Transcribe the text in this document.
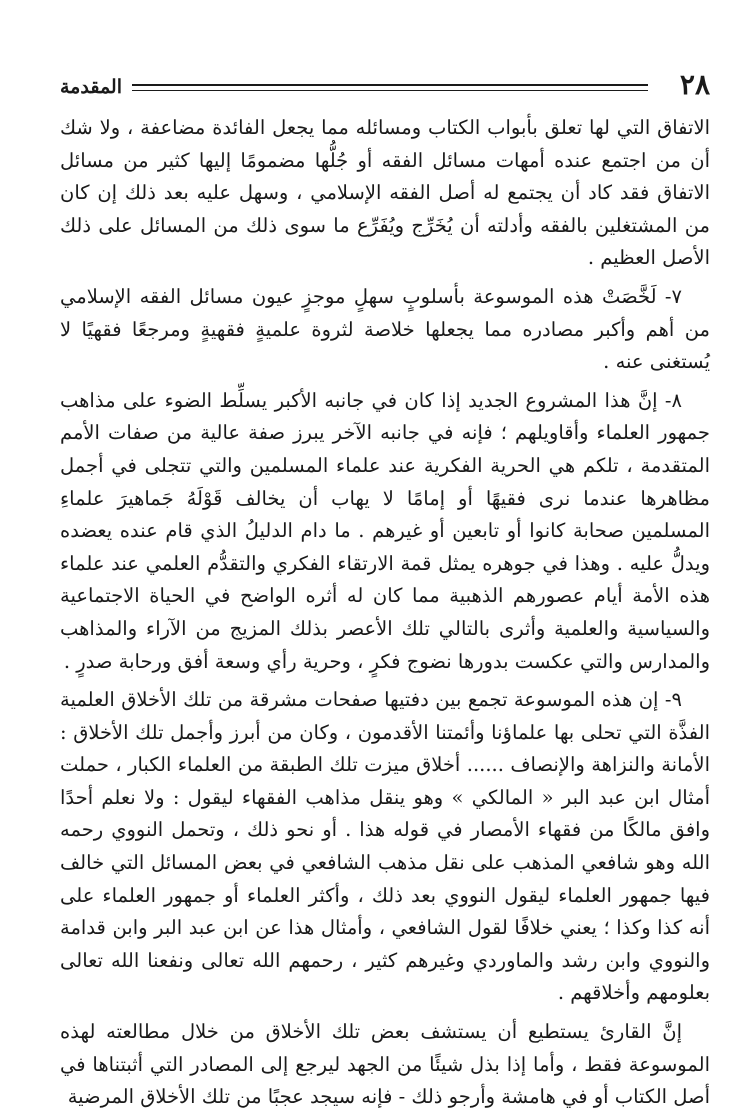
٢٨
المقدمة

الاتفاق التي لها تعلق بأبواب الكتاب ومسائله مما يجعل الفائدة مضاعفة ، ولا شك أن من اجتمع عنده أمهات مسائل الفقه أو جُلُّها مضمومًا إليها كثير من مسائل الاتفاق فقد كاد أن يجتمع له أصل الفقه الإسلامي ، وسهل عليه بعد ذلك إن كان من المشتغلين بالفقه وأدلته أن يُخَرِّج ويُفَرِّع ما سوى ذلك من المسائل على ذلك الأصل العظيم .

٧- لَخَّصَتْ هذه الموسوعة بأسلوبٍ سهلٍ موجزٍ عيون مسائل الفقه الإسلامي من أهم وأكبر مصادره مما يجعلها خلاصة لثروة علميةٍ فقهيةٍ ومرجعًا فقهيًا لا يُستغنى عنه .

٨- إنَّ هذا المشروع الجديد إذا كان في جانبه الأكبر يسلِّط الضوء على مذاهب جمهور العلماء وأقاويلهم ؛ فإنه في جانبه الآخر يبرز صفة عالية من صفات الأمم المتقدمة ، تلكم هي الحرية الفكرية عند علماء المسلمين والتي تتجلى في أجمل مظاهرها عندما نرى فقيهًا أو إمامًا لا يهاب أن يخالف قَوْلَهُ جَماهيرَ علماءِ المسلمين صحابة كانوا أو تابعين أو غيرهم . ما دام الدليلُ الذي قام عنده يعضده ويدلُّ عليه . وهذا في جوهره يمثل قمة الارتقاء الفكري والتقدُّم العلمي عند علماء هذه الأمة أيام عصورهم الذهبية مما كان له أثره الواضح في الحياة الاجتماعية والسياسية والعلمية وأثرى بالتالي تلك الأعصر بذلك المزيج من الآراء والمذاهب والمدارس والتي عكست بدورها نضوج فكرٍ ، وحرية رأي وسعة أفق ورحابة صدرٍ .

٩- إن هذه الموسوعة تجمع بين دفتيها صفحات مشرقة من تلك الأخلاق العلمية الفذَّة التي تحلى بها علماؤنا وأئمتنا الأقدمون ، وكان من أبرز وأجمل تلك الأخلاق : الأمانة والنزاهة والإنصاف ...... أخلاق ميزت تلك الطبقة من العلماء الكبار ، حملت أمثال ابن عبد البر « المالكي » وهو ينقل مذاهب الفقهاء ليقول : ولا نعلم أحدًا وافق مالكًا من فقهاء الأمصار في قوله هذا . أو نحو ذلك ، وتحمل النووي رحمه الله وهو شافعي المذهب على نقل مذهب الشافعي في بعض المسائل التي خالف فيها جمهور العلماء ليقول النووي بعد ذلك ، وأكثر العلماء أو جمهور العلماء على أنه كذا وكذا ؛ يعني خلافًا لقول الشافعي ، وأمثال هذا عن ابن عبد البر وابن قدامة والنووي وابن رشد والماوردي وغيرهم كثير ، رحمهم الله تعالى ونفعنا الله تعالى بعلومهم وأخلاقهم .

إنَّ القارئ يستطيع أن يستشف بعض تلك الأخلاق من خلال مطالعته لهذه الموسوعة فقط ، وأما إذا بذل شيئًا من الجهد ليرجع إلى المصادر التي أثبتناها في أصل الكتاب أو في هامشة وأرجو ذلك - فإنه سيجد عجبًا من تلك الأخلاق المرضية
